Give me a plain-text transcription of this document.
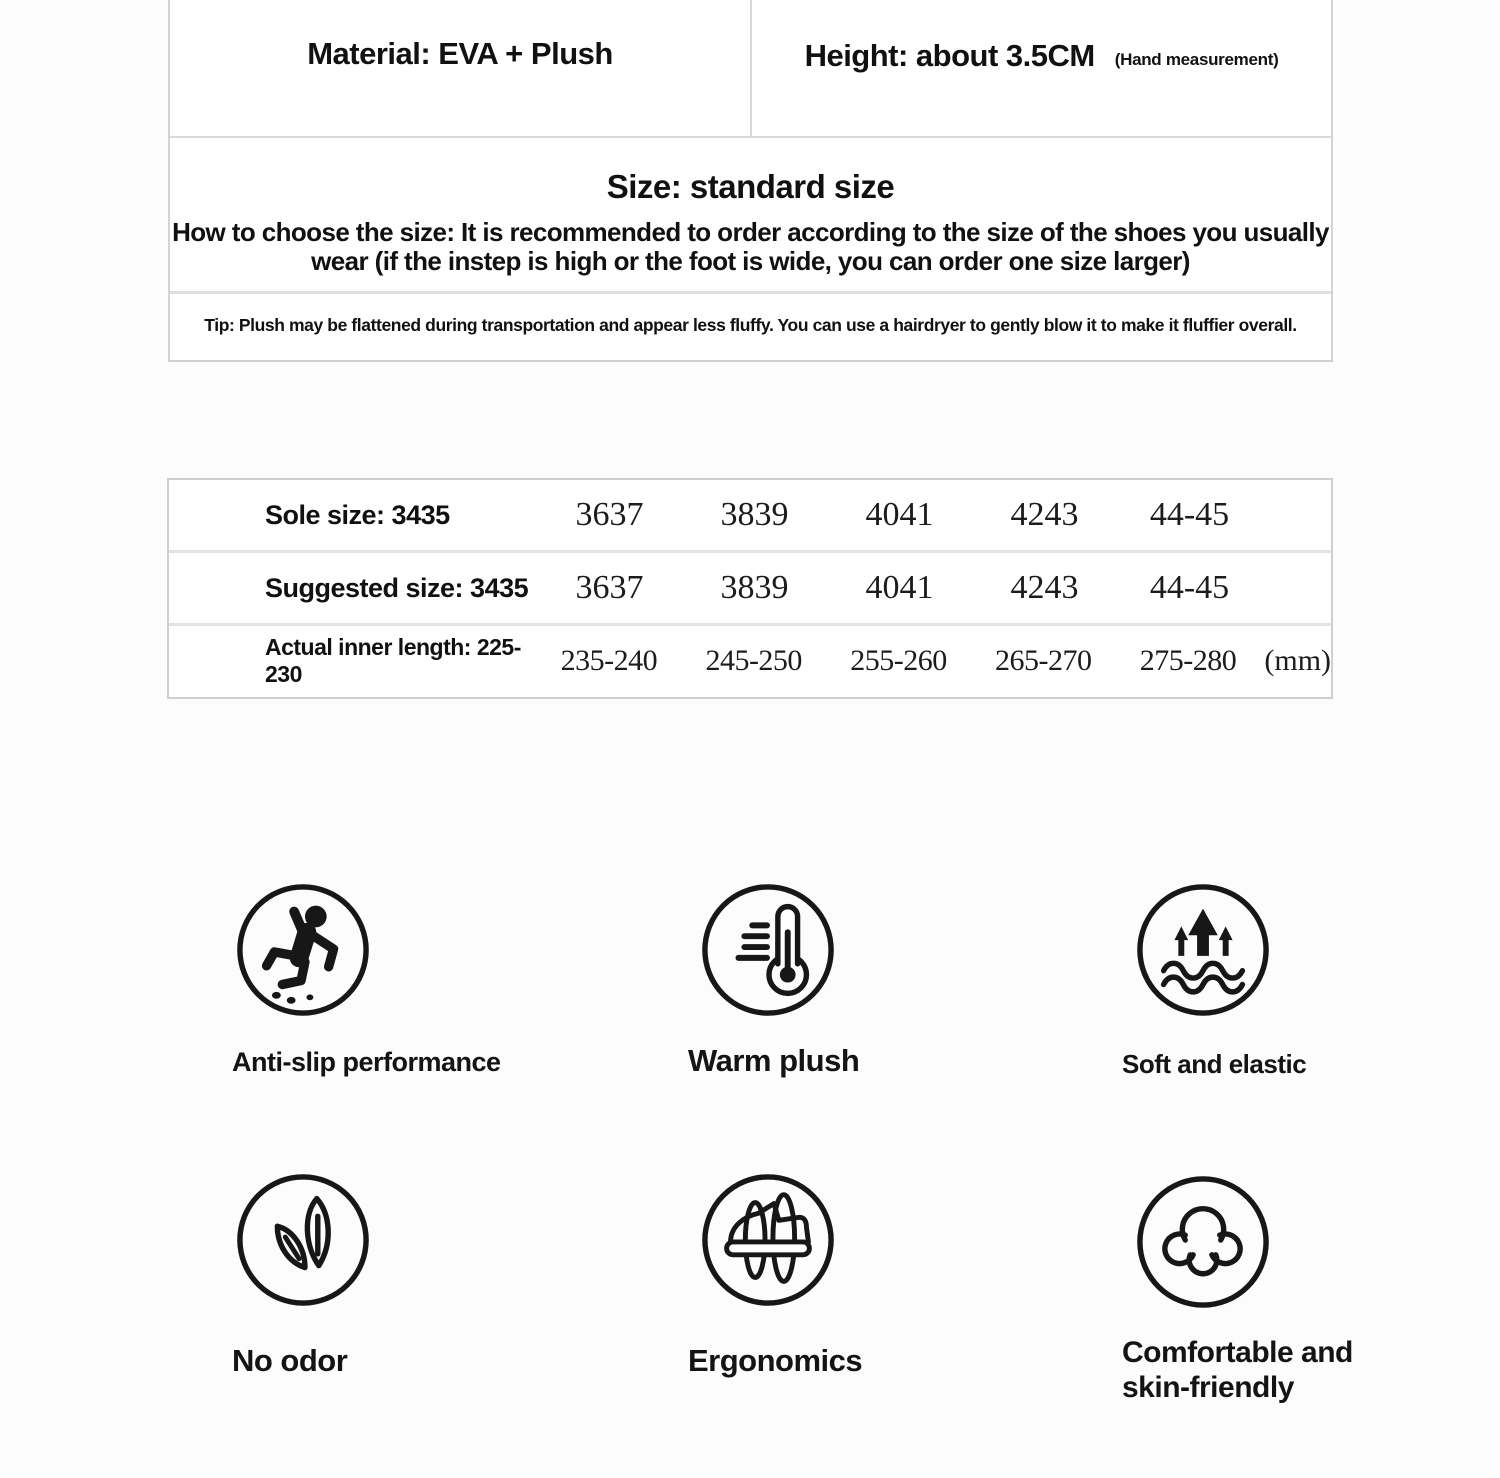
Material: EVA + Plush	Height: about 3.5CM (Hand measurement)
Size: standard size
How to choose the size: It is recommended to order according to the size of the shoes you usually
wear (if the instep is high or the foot is wide, you can order one size larger)
Tip: Plush may be flattened during transportation and appear less fluffy. You can use a hairdryer to gently blow it to make it fluffier overall.
Sole size: 3435	3637	3839	4041	4243	44-45
Suggested size: 3435	3637	3839	4041	4243	44-45
Actual inner length: 225-230	235-240	245-250	255-260	265-270	275-280 (mm)
Anti-slip performance	Warm plush	Soft and elastic
No odor	Ergonomics	Comfortable and
skin-friendly
